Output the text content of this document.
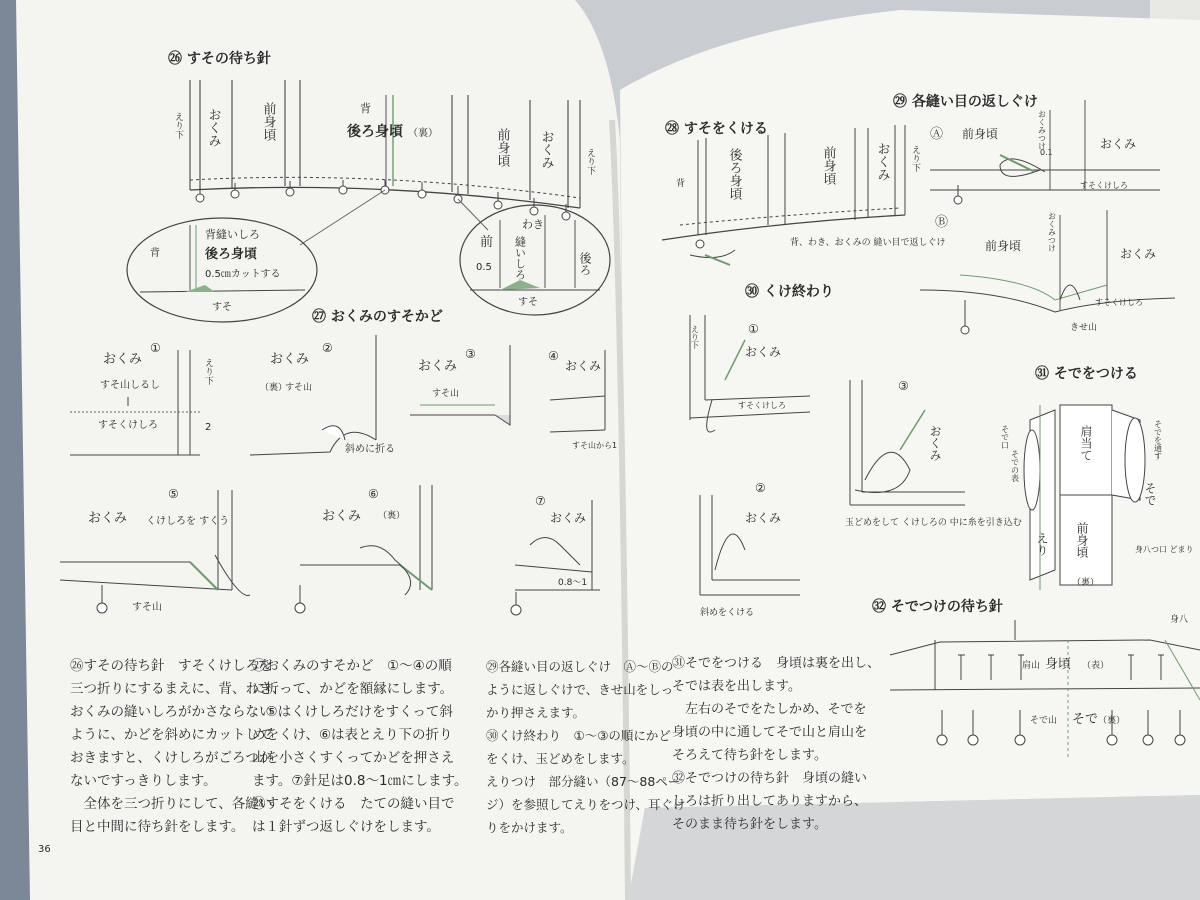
㉖ すその待ち針
おくみ	前身頃
えり下
背
後ろ身頃 （裏）	前身頃 おくみ	えり下
背
背縫いしろ
後ろ身頃
0.5㎝カットする
すそ
前
わき
縫いしろ	後ろ
0.5
すそ
㉗ おくみのすそかど
①
おくみ	えり下
すそ山しるし
すそくけしろ	2
②
おくみ
（裏）
すそ山
斜めに折る
③
おくみ
すそ山
④
おくみ
すそ山から1
⑤
おくみ くけしろを すくう
すそ山
⑥
おくみ （裏）
⑦
おくみ
0.8～1
㉘ すそをくける
背	後ろ身頃	前身頃	おくみ えり下
背、わき、おくみの 縫い目で返しぐけ
㉙ 各縫い目の返しぐけ
Ⓐ 前身頃
おくみ
おくみつけ
0.1
すそくけしろ
Ⓑ
前身頃
おくみ
おくみつけ
すそくけしろ
きせ山
㉚ くけ終わり
①
おくみ
えり下
すそくけしろ
②
おくみ
斜めをくける
③
おくみ
玉どめをして くけしろの 中に糸を引き込む
㉛ そでをつける
肩当て
前身頃
（裏）
えり
そで
そで口
そでの表
そでを通す
身八つ口 どまり
㉜ そでつけの待ち針
肩山 身頃 （表）
そで山 そで （裏）
身八
㉖すその待ち針　すそくけしろを
三つ折りにするまえに、背、わき、
おくみの縫いしろがかさならない
ように、かどを斜めにカットして
おきますと、くけしろがごろつか
ないですっきりします。
　全体を三つ折りにして、各縫い
目と中間に待ち針をします。
㉗おくみのすそかど　①～④の順
に折って、かどを額縁にします。
　⑤はくけしろだけをすくって斜
めをくけ、⑥は表とえり下の折り
山を小さくすくってかどを押さえ
ます。⑦針足は0.8～1㎝にします。
㉘すそをくける　たての縫い目で
は１針ずつ返しぐけをします。
㉙各縫い目の返しぐけ　Ⓐ～Ⓑの
ように返しぐけで、きせ山をしっ
かり押さえます。
㉚くけ終わり　①～③の順にかど
をくけ、玉どめをします。
えりつけ　部分縫い（87～88ペー
ジ）を参照してえりをつけ、耳ぐけ
りをかけます。
36
㉛そでをつける　身頃は裏を出し、
そでは表を出します。
　左右のそでをたしかめ、そでを
身頃の中に通してそで山と肩山を
そろえて待ち針をします。
㉜そでつけの待ち針　身頃の縫い
しろは折り出してありますから、
そのまま待ち針をします。
